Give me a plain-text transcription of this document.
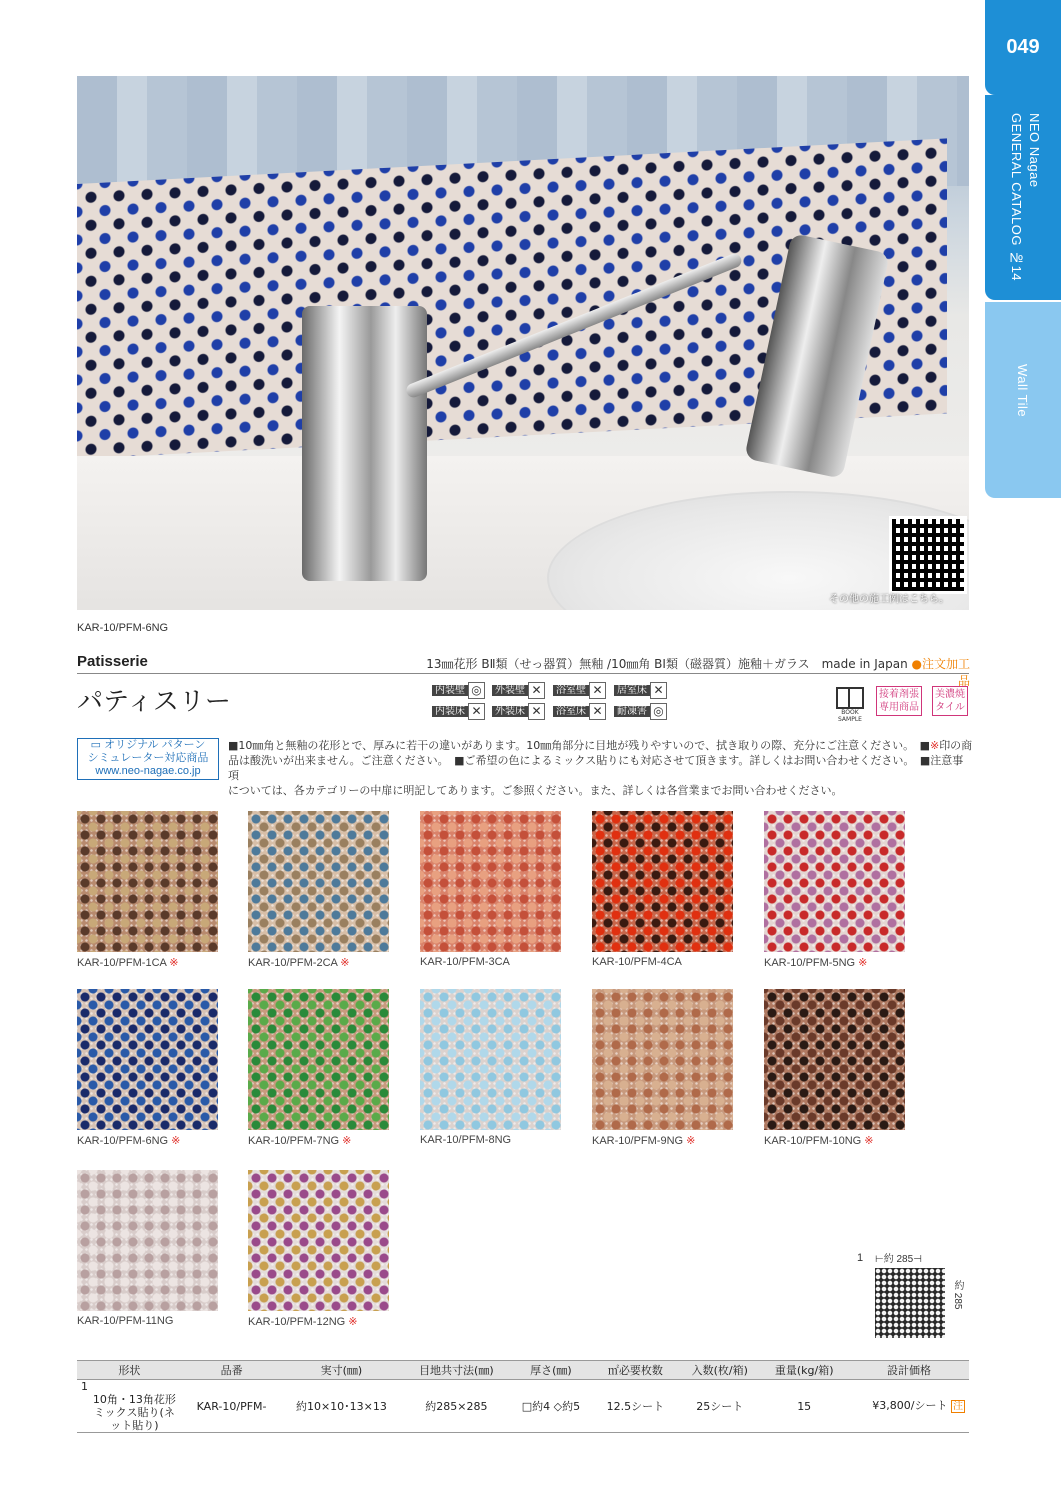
049
NEO Nagae
GENERAL CATALOG №14
Wall Tile
その他の施工例はこちら。
KAR-10/PFM-6NG
Patisserie	13㎜花形 BⅡ類（せっ器質）無釉 /10㎜角 BⅠ類（磁器質）施釉＋ガラス　made in Japan ●注文加工品
パティスリー	内装壁 ◎	外装壁 ✕	浴室壁 ✕	居室床 ✕
内装床 ✕	外装床 ✕	浴室床 ✕	耐凍害 ◎	BOOK SAMPLE
接着剤張
専用商品
美濃焼
タイル
▭ オリジナル パターン
シミュレーター対応商品
www.neo-nagae.co.jp
■10㎜角と無釉の花形とで、厚みに若干の違いがあります。10㎜角部分に目地が残りやすいので、拭き取りの際、充分にご注意ください。　■※印の商
品は酸洗いが出来ません。ご注意ください。　■ご希望の色によるミックス貼りにも対応させて頂きます。詳しくはお問い合わせください。　■注意事項
については、各カテゴリーの中扉に明記してあります。ご参照ください。また、詳しくは各営業までお問い合わせください。
KAR-10/PFM-1CA ※	KAR-10/PFM-2CA ※	KAR-10/PFM-3CA	KAR-10/PFM-4CA	KAR-10/PFM-5NG ※
KAR-10/PFM-6NG ※	KAR-10/PFM-7NG ※	KAR-10/PFM-8NG	KAR-10/PFM-9NG ※	KAR-10/PFM-10NG ※
KAR-10/PFM-11NG	KAR-10/PFM-12NG ※
1 ⊢約 285⊣
約 285
形状	品番	実寸(㎜)	目地共寸法(㎜)	厚さ(㎜)	㎡必要枚数	入数(枚/箱)	重量(kg/箱)	設計価格
1
10角・13角花形
ミックス貼り(ネット貼り)	KAR-10/PFM-	約10×10･13×13	約285×285	□約4 ◇約5	12.5シート	25シート	15	¥3,800/シート 注
